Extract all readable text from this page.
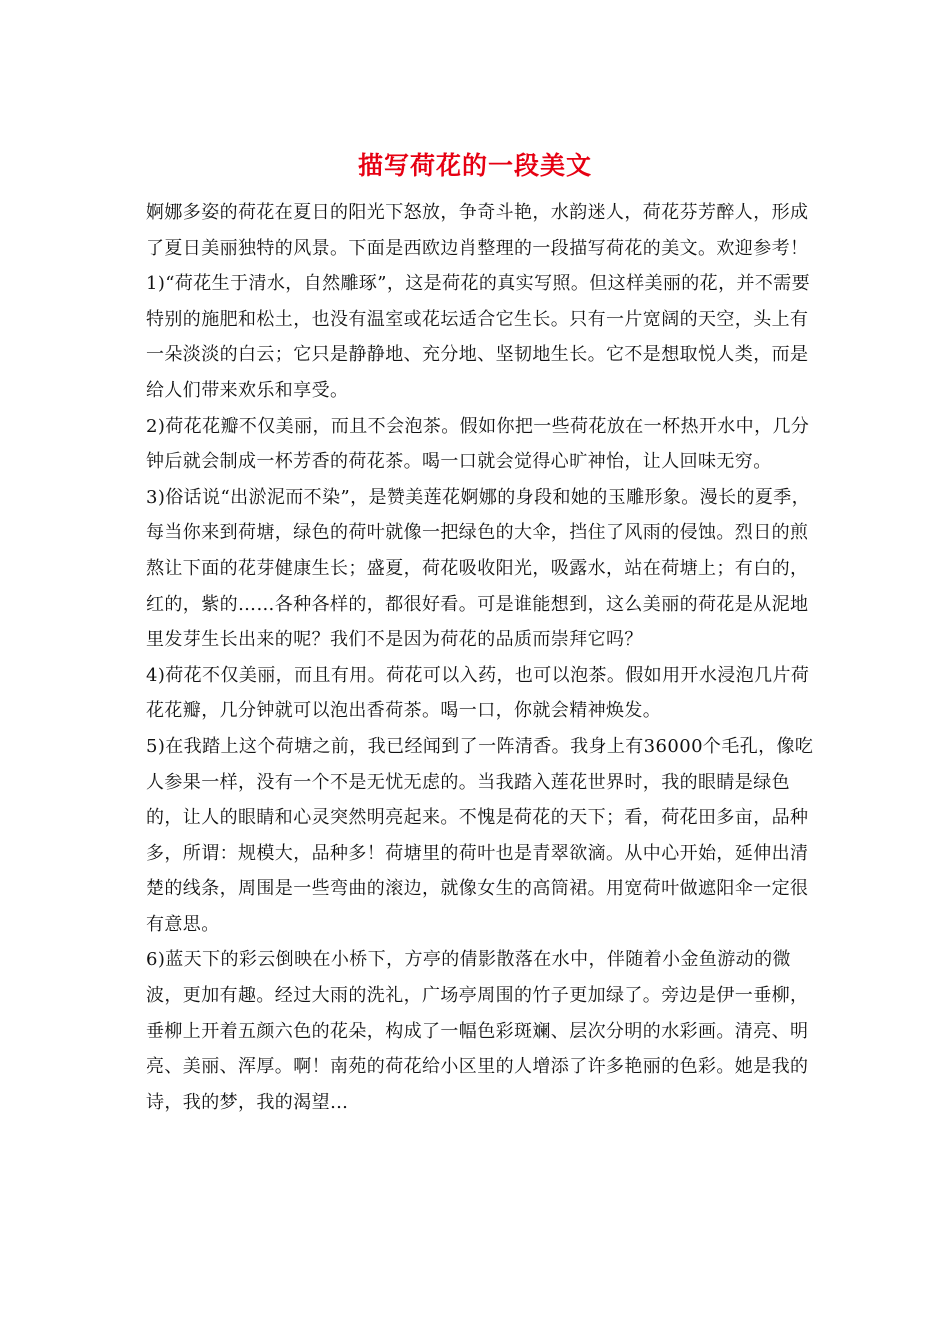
描写荷花的一段美文

婀娜多姿的荷花在夏日的阳光下怒放，争奇斗艳，水韵迷人，荷花芬芳醉人，形成了夏日美丽独特的风景。下面是西欧边肖整理的一段描写荷花的美文。欢迎参考！

1)“荷花生于清水，自然雕琢”，这是荷花的真实写照。但这样美丽的花，并不需要特别的施肥和松土，也没有温室或花坛适合它生长。只有一片宽阔的天空，头上有一朵淡淡的白云；它只是静静地、充分地、坚韧地生长。它不是想取悦人类，而是给人们带来欢乐和享受。

2)荷花花瓣不仅美丽，而且不会泡茶。假如你把一些荷花放在一杯热开水中，几分钟后就会制成一杯芳香的荷花茶。喝一口就会觉得心旷神怡，让人回味无穷。

3)俗话说“出淤泥而不染”，是赞美莲花婀娜的身段和她的玉雕形象。漫长的夏季，每当你来到荷塘，绿色的荷叶就像一把绿色的大伞，挡住了风雨的侵蚀。烈日的煎熬让下面的花芽健康生长；盛夏，荷花吸收阳光，吸露水，站在荷塘上；有白的，红的，紫的……各种各样的，都很好看。可是谁能想到，这么美丽的荷花是从泥地里发芽生长出来的呢？我们不是因为荷花的品质而崇拜它吗？

4)荷花不仅美丽，而且有用。荷花可以入药，也可以泡茶。假如用开水浸泡几片荷花花瓣，几分钟就可以泡出香荷茶。喝一口，你就会精神焕发。

5)在我踏上这个荷塘之前，我已经闻到了一阵清香。我身上有36000个毛孔，像吃人参果一样，没有一个不是无忧无虑的。当我踏入莲花世界时，我的眼睛是绿色的，让人的眼睛和心灵突然明亮起来。不愧是荷花的天下；看，荷花田多亩，品种多，所谓：规模大，品种多！荷塘里的荷叶也是青翠欲滴。从中心开始，延伸出清楚的线条，周围是一些弯曲的滚边，就像女生的高筒裙。用宽荷叶做遮阳伞一定很有意思。

6)蓝天下的彩云倒映在小桥下，方亭的倩影散落在水中，伴随着小金鱼游动的微波，更加有趣。经过大雨的洗礼，广场亭周围的竹子更加绿了。旁边是伊一垂柳，垂柳上开着五颜六色的花朵，构成了一幅色彩斑斓、层次分明的水彩画。清亮、明亮、美丽、浑厚。啊！南苑的荷花给小区里的人增添了许多艳丽的色彩。她是我的诗，我的梦，我的渴望…
